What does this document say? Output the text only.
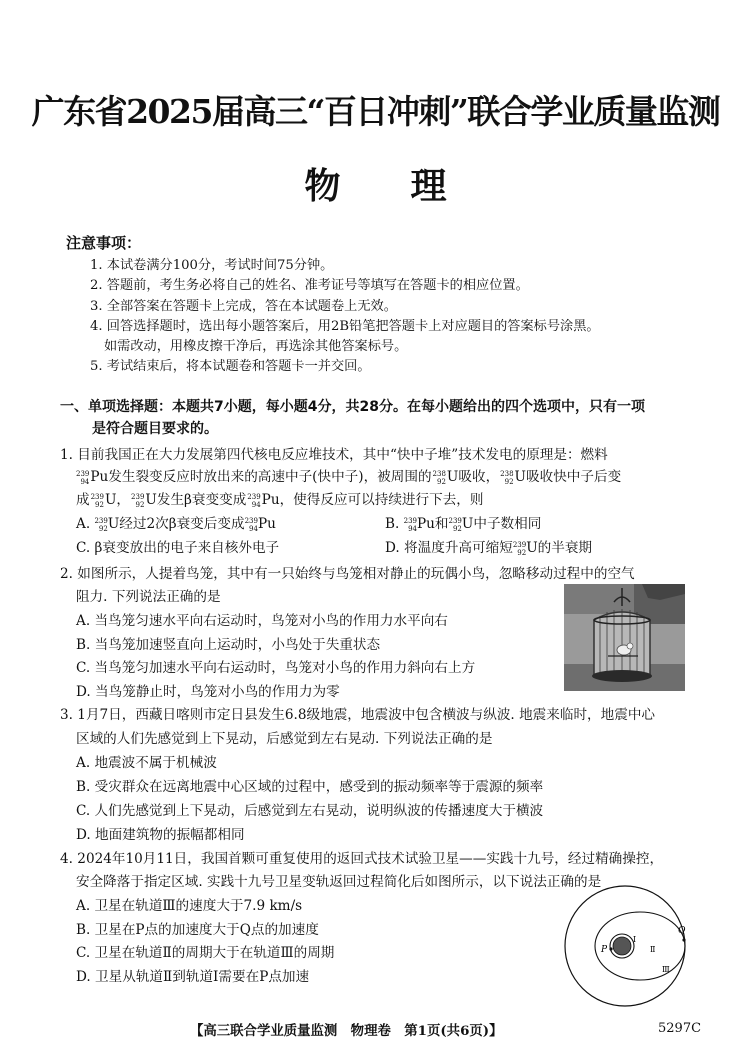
广东省2025届高三“百日冲刺”联合学业质量监测
物 理
注意事项：
1. 本试卷满分100分，考试时间75分钟。
2. 答题前，考生务必将自己的姓名、准考证号等填写在答题卡的相应位置。
3. 全部答案在答题卡上完成，答在本试题卷上无效。
4. 回答选择题时，选出每小题答案后，用2B铅笔把答题卡上对应题目的答案标号涂黑。
如需改动，用橡皮擦干净后，再选涂其他答案标号。
5. 考试结束后，将本试题卷和答题卡一并交回。
一、单项选择题：本题共7小题，每小题4分，共28分。在每小题给出的四个选项中，只有一项
是符合题目要求的。
1. 目前我国正在大力发展第四代核电反应堆技术，其中“快中子堆”技术发电的原理是：燃料
239
94 Pu发生裂变反应时放出来的高速中子(快中子)，被周围的 238
92 U吸收， 238
92 U吸收快中子后变
成 239
92 U， 239
92 U发生β衰变变成 239
94 Pu，使得反应可以持续进行下去，则
A. 239
92 U经过2次β衰变后变成 239
94 Pu	B. 239
94 Pu和 239
92 U中子数相同
C. β衰变放出的电子来自核外电子	D. 将温度升高可缩短 239
92 U的半衰期
2. 如图所示，人提着鸟笼，其中有一只始终与鸟笼相对静止的玩偶小鸟，忽略移动过程中的空气
阻力. 下列说法正确的是
A. 当鸟笼匀速水平向右运动时，鸟笼对小鸟的作用力水平向右
B. 当鸟笼加速竖直向上运动时，小鸟处于失重状态
C. 当鸟笼匀加速水平向右运动时，鸟笼对小鸟的作用力斜向右上方
D. 当鸟笼静止时，鸟笼对小鸟的作用力为零
3. 1月7日，西藏日喀则市定日县发生6.8级地震，地震波中包含横波与纵波. 地震来临时，地震中心
区域的人们先感觉到上下晃动，后感觉到左右晃动. 下列说法正确的是
A. 地震波不属于机械波
B. 受灾群众在远离地震中心区域的过程中，感受到的振动频率等于震源的频率
C. 人们先感觉到上下晃动，后感觉到左右晃动，说明纵波的传播速度大于横波
D. 地面建筑物的振幅都相同
4. 2024年10月11日，我国首颗可重复使用的返回式技术试验卫星——实践十九号，经过精确操控，
安全降落于指定区域. 实践十九号卫星变轨返回过程简化后如图所示，以下说法正确的是
A. 卫星在轨道Ⅲ的速度大于7.9 km/s
B. 卫星在P点的加速度大于Q点的加速度
C. 卫星在轨道Ⅱ的周期大于在轨道Ⅲ的周期
D. 卫星从轨道Ⅱ到轨道Ⅰ需要在P点加速
P
Q
Ⅰ
Ⅱ
Ⅲ
【高三联合学业质量监测　物理卷　第1页(共6页)】	5297C
